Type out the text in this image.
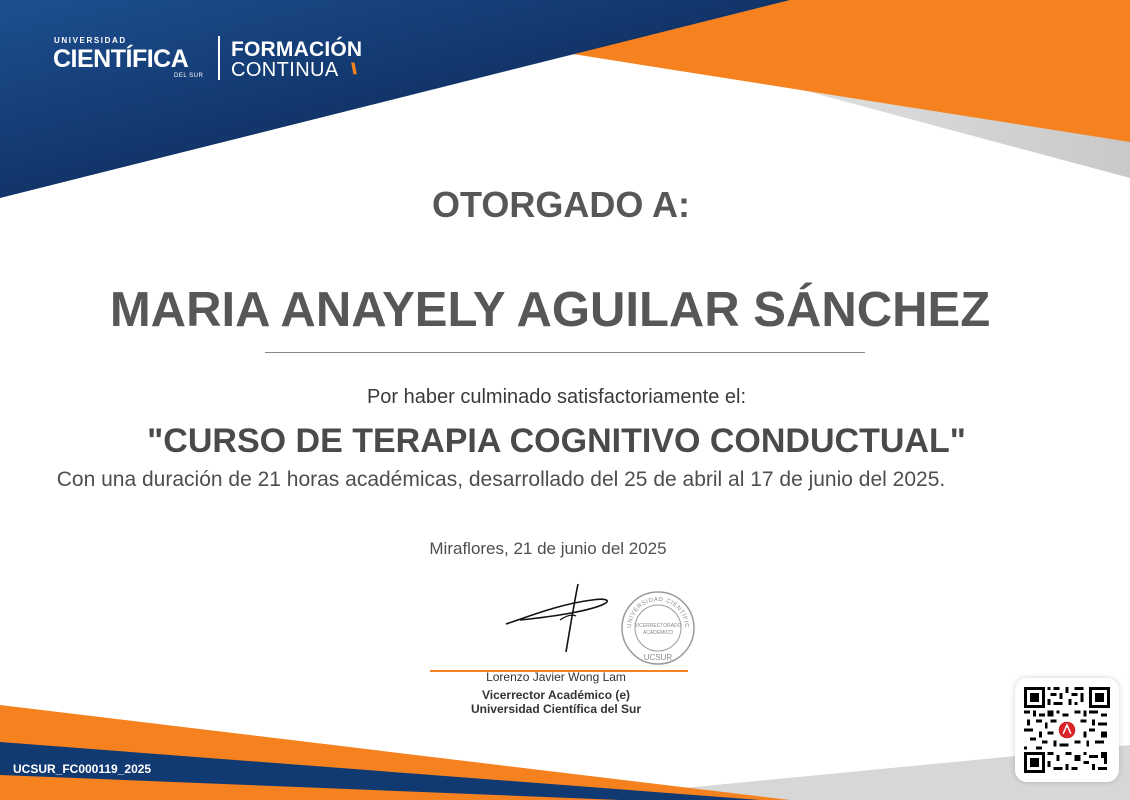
UNIVERSIDAD
CIENTÍFICA
DEL SUR
FORMACIÓN
CONTINUA \\
OTORGADO A:
MARIA ANAYELY AGUILAR SÁNCHEZ
Por haber culminado satisfactoriamente el:
"CURSO DE TERAPIA COGNITIVO CONDUCTUAL"
Con una duración de 21 horas académicas, desarrollado del 25 de abril al 17 de junio del 2025.
Miraflores, 21 de junio del 2025
UNIVERSIDAD CIENTÍFIC
VICERRECTORADO
ACADÉMICO
UCSUR
Lorenzo Javier Wong Lam
Vicerrector Académico (e)
Universidad Científica del Sur
UCSUR_FC000119_2025
